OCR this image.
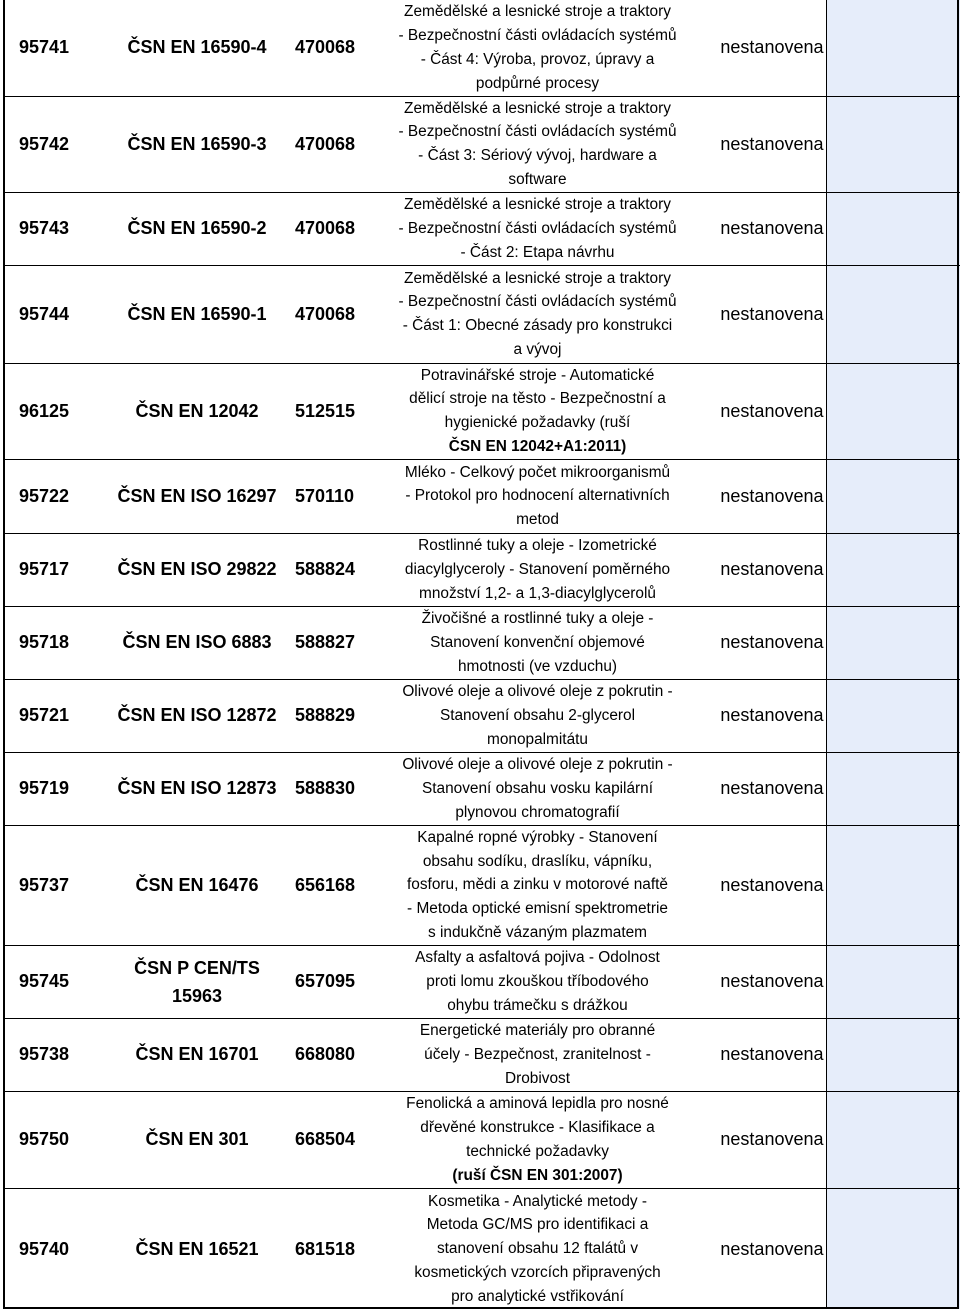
95741	ČSN EN 16590-4	470068	Zemědělské a lesnické stroje a traktory
- Bezpečnostní části ovládacích systémů
- Část 4: Výroba, provoz, úpravy a
podpůrné procesy	nestanovena	
95742	ČSN EN 16590-3	470068	Zemědělské a lesnické stroje a traktory
- Bezpečnostní části ovládacích systémů
- Část 3: Sériový vývoj, hardware a
software	nestanovena	
95743	ČSN EN 16590-2	470068	Zemědělské a lesnické stroje a traktory
- Bezpečnostní části ovládacích systémů
- Část 2: Etapa návrhu	nestanovena	
95744	ČSN EN 16590-1	470068	Zemědělské a lesnické stroje a traktory
- Bezpečnostní části ovládacích systémů
- Část 1: Obecné zásady pro konstrukci
a vývoj	nestanovena	
96125	ČSN EN 12042	512515	Potravinářské stroje - Automatické
dělicí stroje na těsto - Bezpečnostní a
hygienické požadavky (ruší
ČSN EN 12042+A1:2011)	nestanovena	
95722	ČSN EN ISO 16297	570110	Mléko - Celkový počet mikroorganismů
- Protokol pro hodnocení alternativních
metod	nestanovena	
95717	ČSN EN ISO 29822	588824	Rostlinné tuky a oleje - Izometrické
diacylglyceroly - Stanovení poměrného
množství 1,2- a 1,3-diacylglycerolů	nestanovena	
95718	ČSN EN ISO 6883	588827	Živočišné a rostlinné tuky a oleje -
Stanovení konvenční objemové
hmotnosti (ve vzduchu)	nestanovena	
95721	ČSN EN ISO 12872	588829	Olivové oleje a olivové oleje z pokrutin -
Stanovení obsahu 2-glycerol
monopalmitátu	nestanovena	
95719	ČSN EN ISO 12873	588830	Olivové oleje a olivové oleje z pokrutin -
Stanovení obsahu vosku kapilární
plynovou chromatografií	nestanovena	
95737	ČSN EN 16476	656168	Kapalné ropné výrobky - Stanovení
obsahu sodíku, draslíku, vápníku,
fosforu, mědi a zinku v motorové naftě
- Metoda optické emisní spektrometrie
s indukčně vázaným plazmatem	nestanovena	
95745	ČSN P CEN/TS
15963	657095	Asfalty a asfaltová pojiva - Odolnost
proti lomu zkouškou tříbodového
ohybu trámečku s drážkou	nestanovena	
95738	ČSN EN 16701	668080	Energetické materiály pro obranné
účely - Bezpečnost, zranitelnost -
Drobivost	nestanovena	
95750	ČSN EN 301	668504	Fenolická a aminová lepidla pro nosné
dřevěné konstrukce - Klasifikace a
technické požadavky
(ruší ČSN EN 301:2007)	nestanovena	
95740	ČSN EN 16521	681518	Kosmetika - Analytické metody -
Metoda GC/MS pro identifikaci a
stanovení obsahu 12 ftalátů v
kosmetických vzorcích připravených
pro analytické vstřikování	nestanovena	
